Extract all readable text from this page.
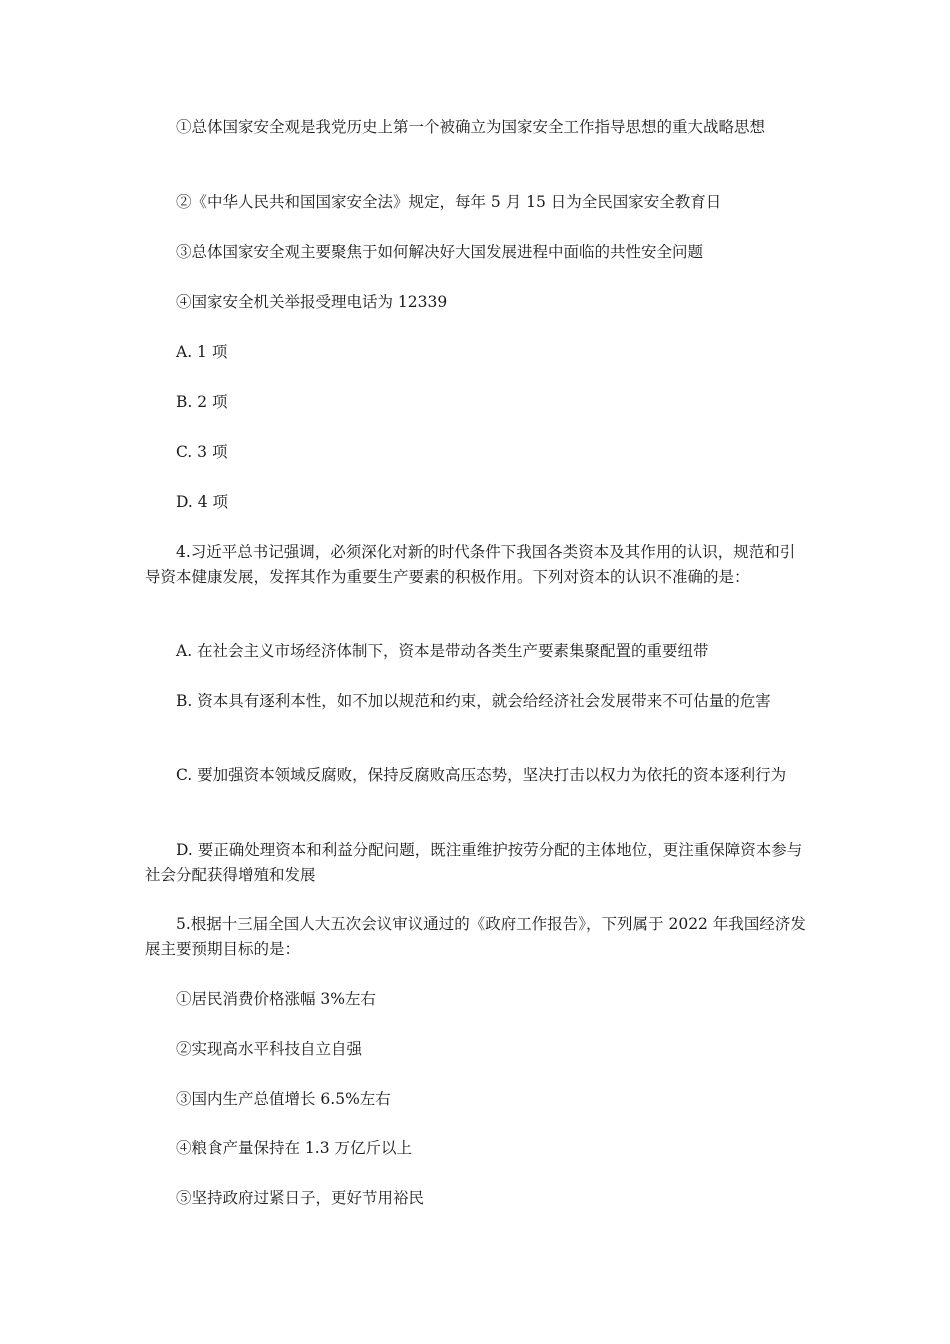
①总体国家安全观是我党历史上第一个被确立为国家安全工作指导思想的重大战略思想

②《中华人民共和国国家安全法》规定，每年 5 月 15 日为全民国家安全教育日

③总体国家安全观主要聚焦于如何解决好大国发展进程中面临的共性安全问题

④国家安全机关举报受理电话为 12339

A. 1 项

B. 2 项

C. 3 项

D. 4 项

4.习近平总书记强调，必须深化对新的时代条件下我国各类资本及其作用的认识，规范和引导资本健康发展，发挥其作为重要生产要素的积极作用。下列对资本的认识不准确的是：

A. 在社会主义市场经济体制下，资本是带动各类生产要素集聚配置的重要纽带

B. 资本具有逐利本性，如不加以规范和约束，就会给经济社会发展带来不可估量的危害

C. 要加强资本领域反腐败，保持反腐败高压态势，坚决打击以权力为依托的资本逐利行为

D. 要正确处理资本和利益分配问题，既注重维护按劳分配的主体地位，更注重保障资本参与社会分配获得增殖和发展

5.根据十三届全国人大五次会议审议通过的《政府工作报告》，下列属于 2022 年我国经济发展主要预期目标的是：

①居民消费价格涨幅 3%左右

②实现高水平科技自立自强

③国内生产总值增长 6.5%左右

④粮食产量保持在 1.3 万亿斤以上

⑤坚持政府过紧日子，更好节用裕民
